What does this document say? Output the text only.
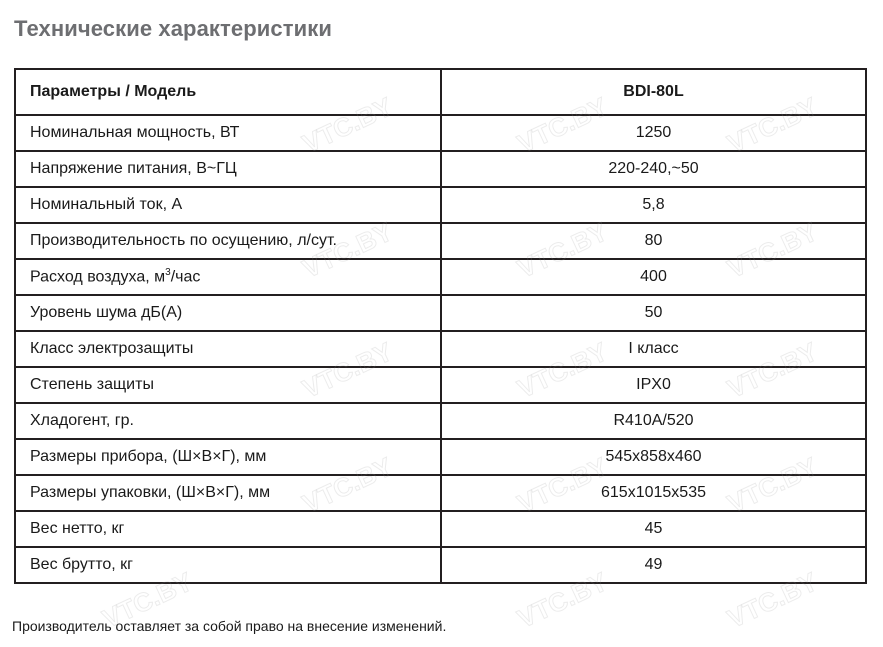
Технические характеристики
Параметры / Модель	BDI-80L
Номинальная мощность, ВТ	1250
Напряжение питания, В~ГЦ	220-240,~50
Номинальный ток, А	5,8
Производительность по осущению, л/сут.	80
Расход воздуха, $м^3$/час	400
Уровень шума дБ(А)	50
Класс электрозащиты	I класс
Степень защиты	IPX0
Хладогент, гр.	R410A/520
Размеры прибора, (Ш×В×Г), мм	545x858x460
Размеры упаковки, (Ш×В×Г), мм	615x1015x535
Вес нетто, кг	45
Вес брутто, кг	49
Производитель оставляет за собой право на внесение изменений.
VTC.BY	VTC.BY	VTC.BY
VTC.BY	VTC.BY	VTC.BY
VTC.BY	VTC.BY	VTC.BY
VTC.BY	VTC.BY	VTC.BY
VTC.BY	VTC.BY	VTC.BY
